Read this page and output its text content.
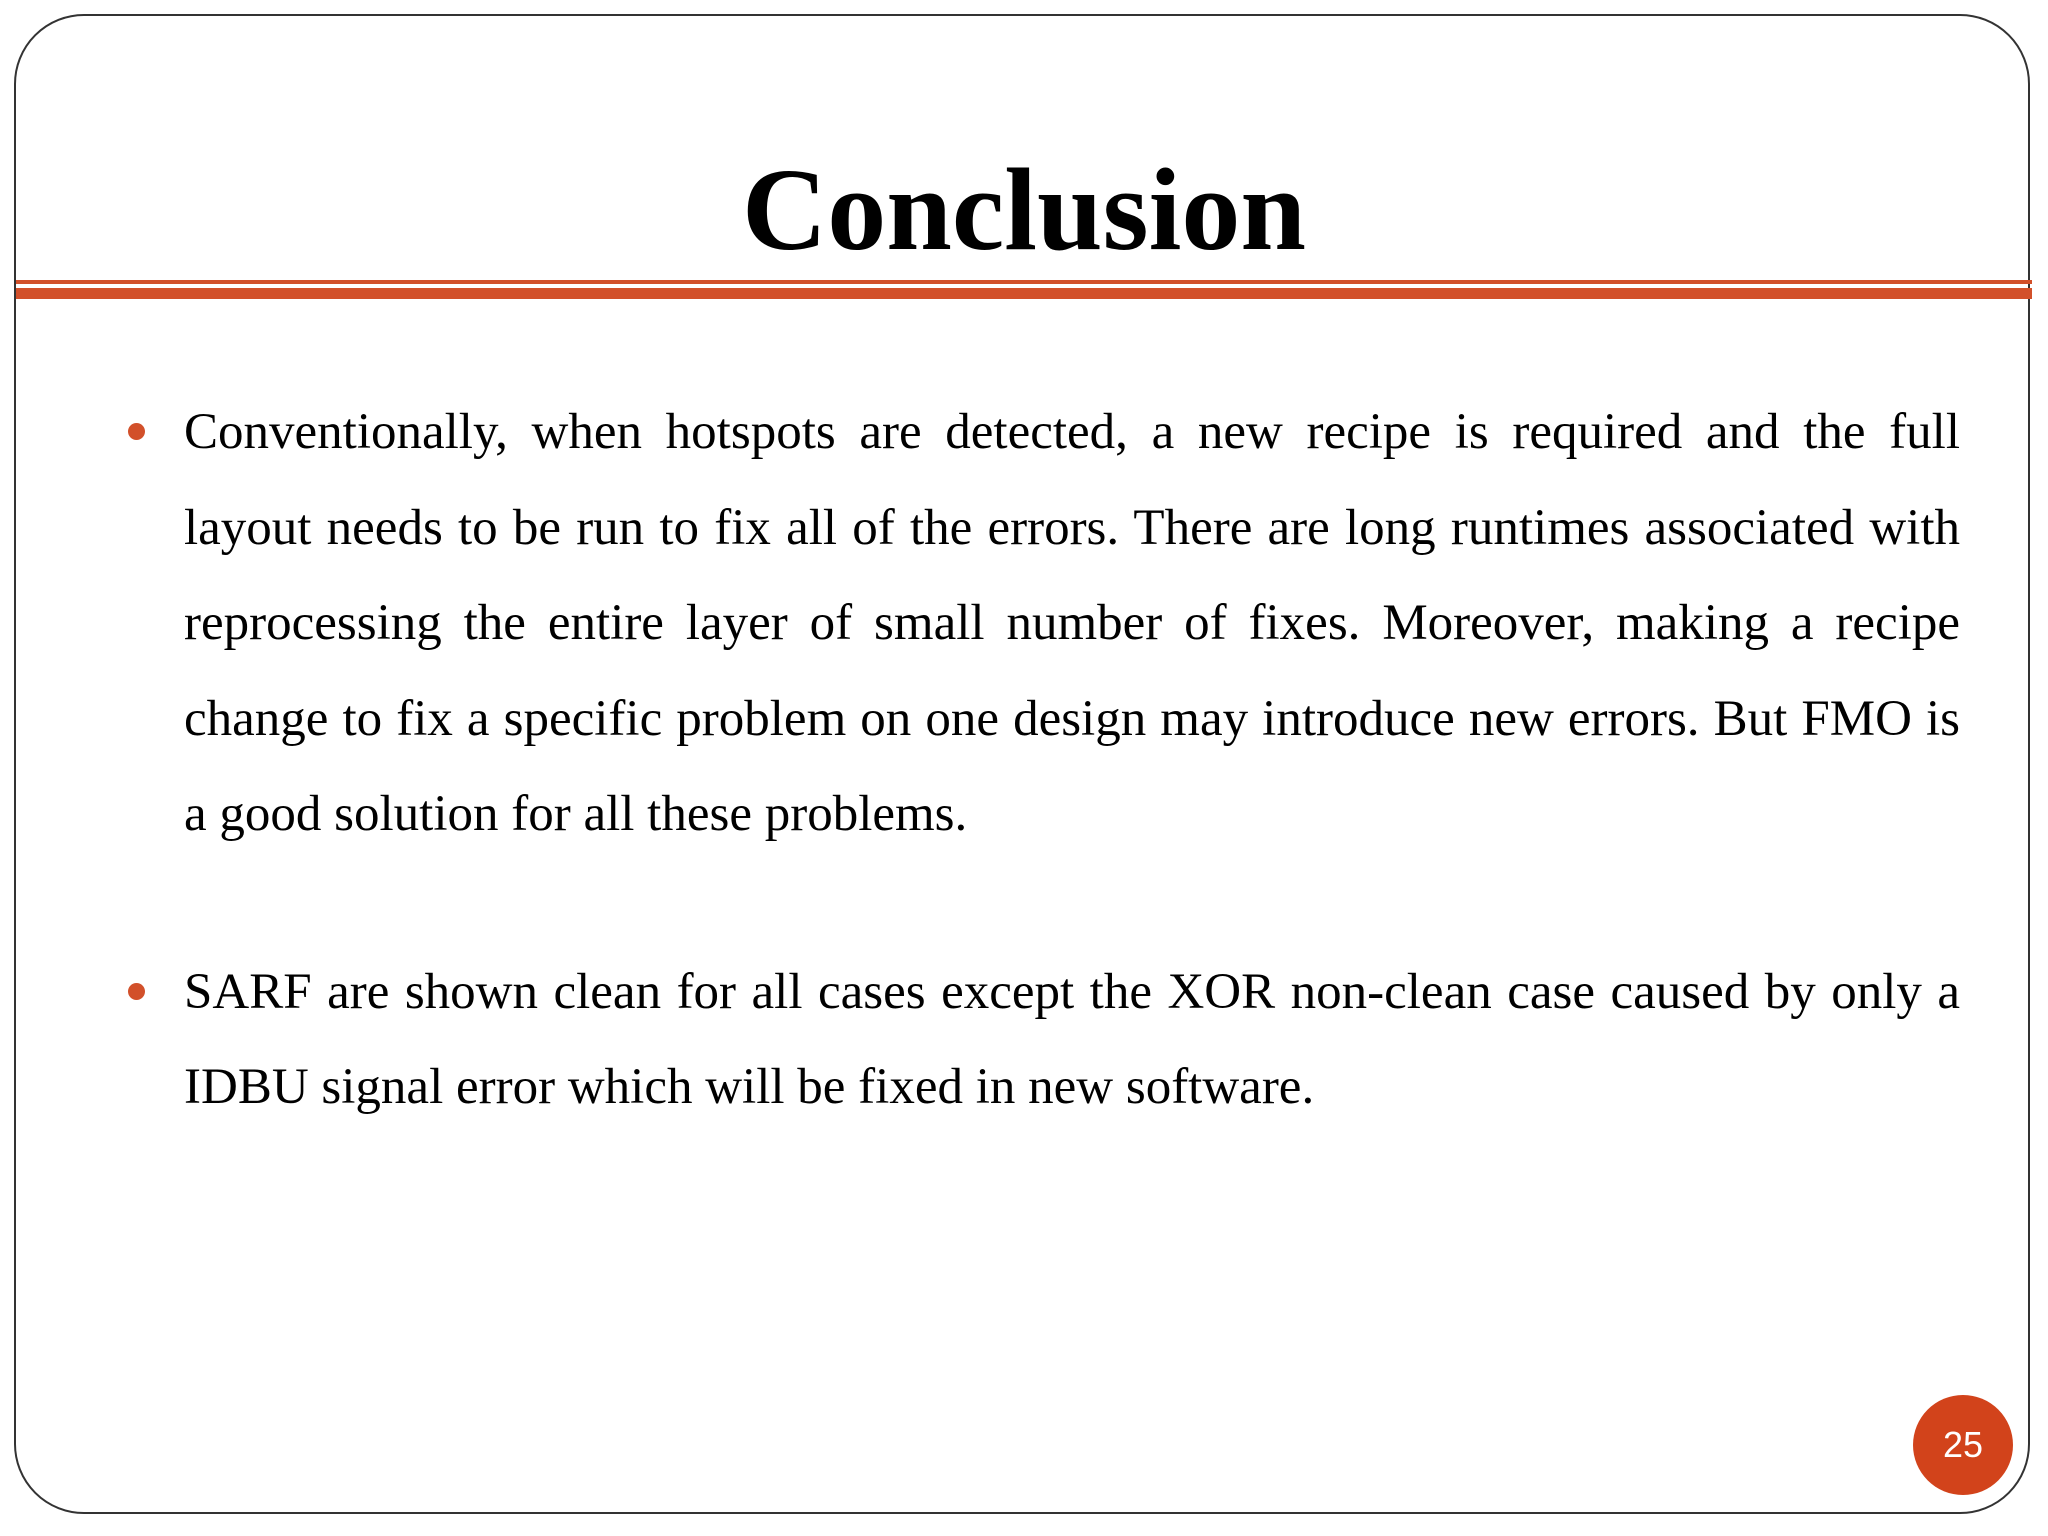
Conclusion

Conventionally, when hotspots are detected, a new recipe is required and the full layout needs to be run to fix all of the errors. There are long runtimes associated with reprocessing the entire layer of small number of fixes. Moreover, making a recipe change to fix a specific problem on one design may introduce new errors. But FMO is a good solution for all these problems.

SARF are shown clean for all cases except the XOR non-clean case caused by only a IDBU signal error which will be fixed in new software.

25
